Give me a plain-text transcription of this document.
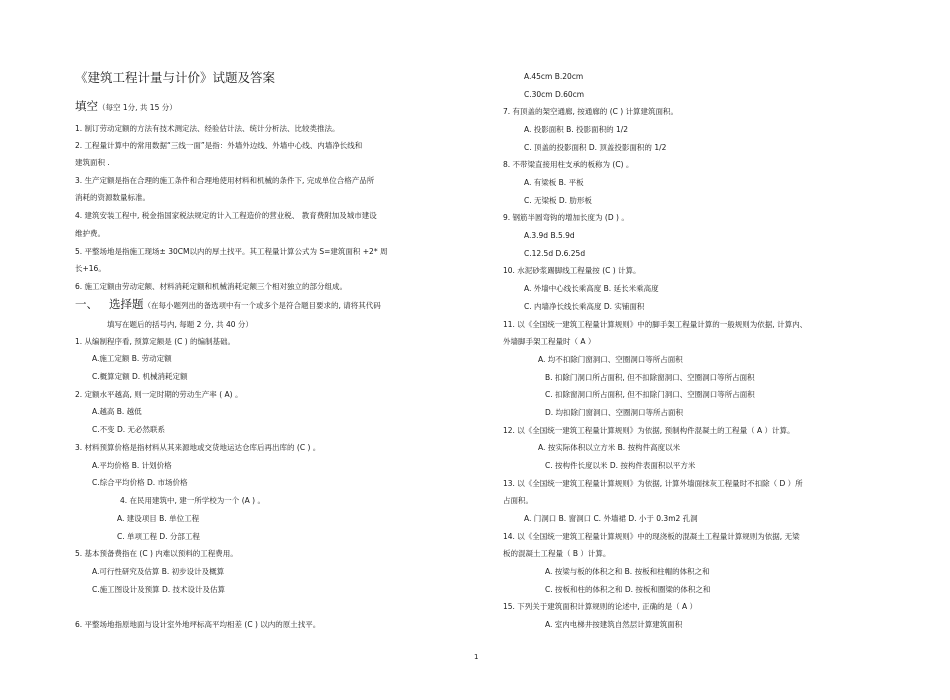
《建筑工程计量与计价》试题及答案
填空（每空 1分, 共 15 分）
1. 制订劳动定额的方法有技术测定法、经验估计法、统计分析法、比较类推法。
2. 工程量计算中的常用数据“三线一面”是指：外墙外边线、外墙中心线、内墙净长线和
建筑面积 .
3. 生产定额是指在合理的施工条件和合理地使用材料和机械的条件下, 完成单位合格产品所
消耗的资源数量标准。
4. 建筑安装工程中, 税金指国家税法规定的计入工程造价的营业税、 教育费附加及城市建设
维护费。
5. 平整场地是指施工现场± 30CM以内的厚土找平。其工程量计算公式为 S=建筑面积 +2* 周
长+16。
6. 施工定额由劳动定额、材料消耗定额和机械消耗定额三个相对独立的部分组成。
一、 选择题（在每小题列出的备选项中有一个或多个是符合题目要求的, 请将其代码
填写在题后的括号内, 每题 2 分, 共 40 分）
1. 从编制程序看, 预算定额是 (C ) 的编制基础。
A.施工定额 B. 劳动定额
C.概算定额 D. 机械消耗定额
2. 定额水平越高, 则一定时期的劳动生产率 ( A) 。
A.越高 B. 越低
C.不变 D. 无必然联系
3. 材料预算价格是指材料从其来源地或交货地运达仓库后再出库的 (C ) 。
A.平均价格 B. 计划价格
C.综合平均价格 D. 市场价格
4. 在民用建筑中, 建一所学校为一个 (A ) 。
A. 建设项目 B. 单位工程
C. 单项工程 D. 分部工程
5. 基本预备费指在 (C ) 内难以预料的工程费用。
A.可行性研究及估算 B. 初步设计及概算
C.施工图设计及预算 D. 技术设计及估算
6. 平整场地指原地面与设计室外地坪标高平均相差 (C ) 以内的原土找平。
A.45cm B.20cm
C.30cm D.60cm
7. 有顶盖的架空通廊, 按通廊的 (C ) 计算建筑面积。
A. 投影面积 B. 投影面积的 1/2
C. 顶盖的投影面积 D. 顶盖投影面积的 1/2
8. 不带梁直接用柱支承的板称为 (C) 。
A. 有梁板 B. 平板
C. 无梁板 D. 肋形板
9. 钢筋半圆弯钩的增加长度为 (D ) 。
A.3.9d B.5.9d
C.12.5d D.6.25d
10. 水泥砂浆踢脚线工程量按 (C ) 计算。
A. 外墙中心线长乘高度 B. 延长米乘高度
C. 内墙净长线长乘高度 D. 实铺面积
11. 以《全国统一建筑工程量计算规则》中的脚手架工程量计算的一般规则为依据, 计算内、
外墙脚手架工程量时（ A ）
A. 均不扣除门窗洞口、空圈洞口等所占面积
B. 扣除门洞口所占面积, 但不扣除窗洞口、空圈洞口等所占面积
C. 扣除窗洞口所占面积, 但不扣除门洞口、空圈洞口等所占面积
D. 均扣除门窗洞口、空圈洞口等所占面积
12. 以《全国统一建筑工程量计算规则》为依据, 预制构件混凝土的工程量（ A ）计算。
A. 按实际体积以立方米 B. 按构件高度以米
C. 按构件长度以米 D. 按构件表面积以平方米
13. 以《全国统一建筑工程量计算规则》为依据, 计算外墙面抹灰工程量时不扣除（ D ）所
占面积。
A. 门洞口 B. 窗洞口 C. 外墙裙 D. 小于 0.3m2 孔洞
14. 以《全国统一建筑工程量计算规则》中的现浇板的混凝土工程量计算规则为依据, 无梁
板的混凝土工程量（ B ）计算。
A. 按梁与板的体积之和 B. 按板和柱帽的体积之和
C. 按板和柱的体积之和 D. 按板和圈梁的体积之和
15. 下列关于建筑面积计算规则的论述中, 正确的是（ A ）
A. 室内电梯井按建筑自然层计算建筑面积
1
